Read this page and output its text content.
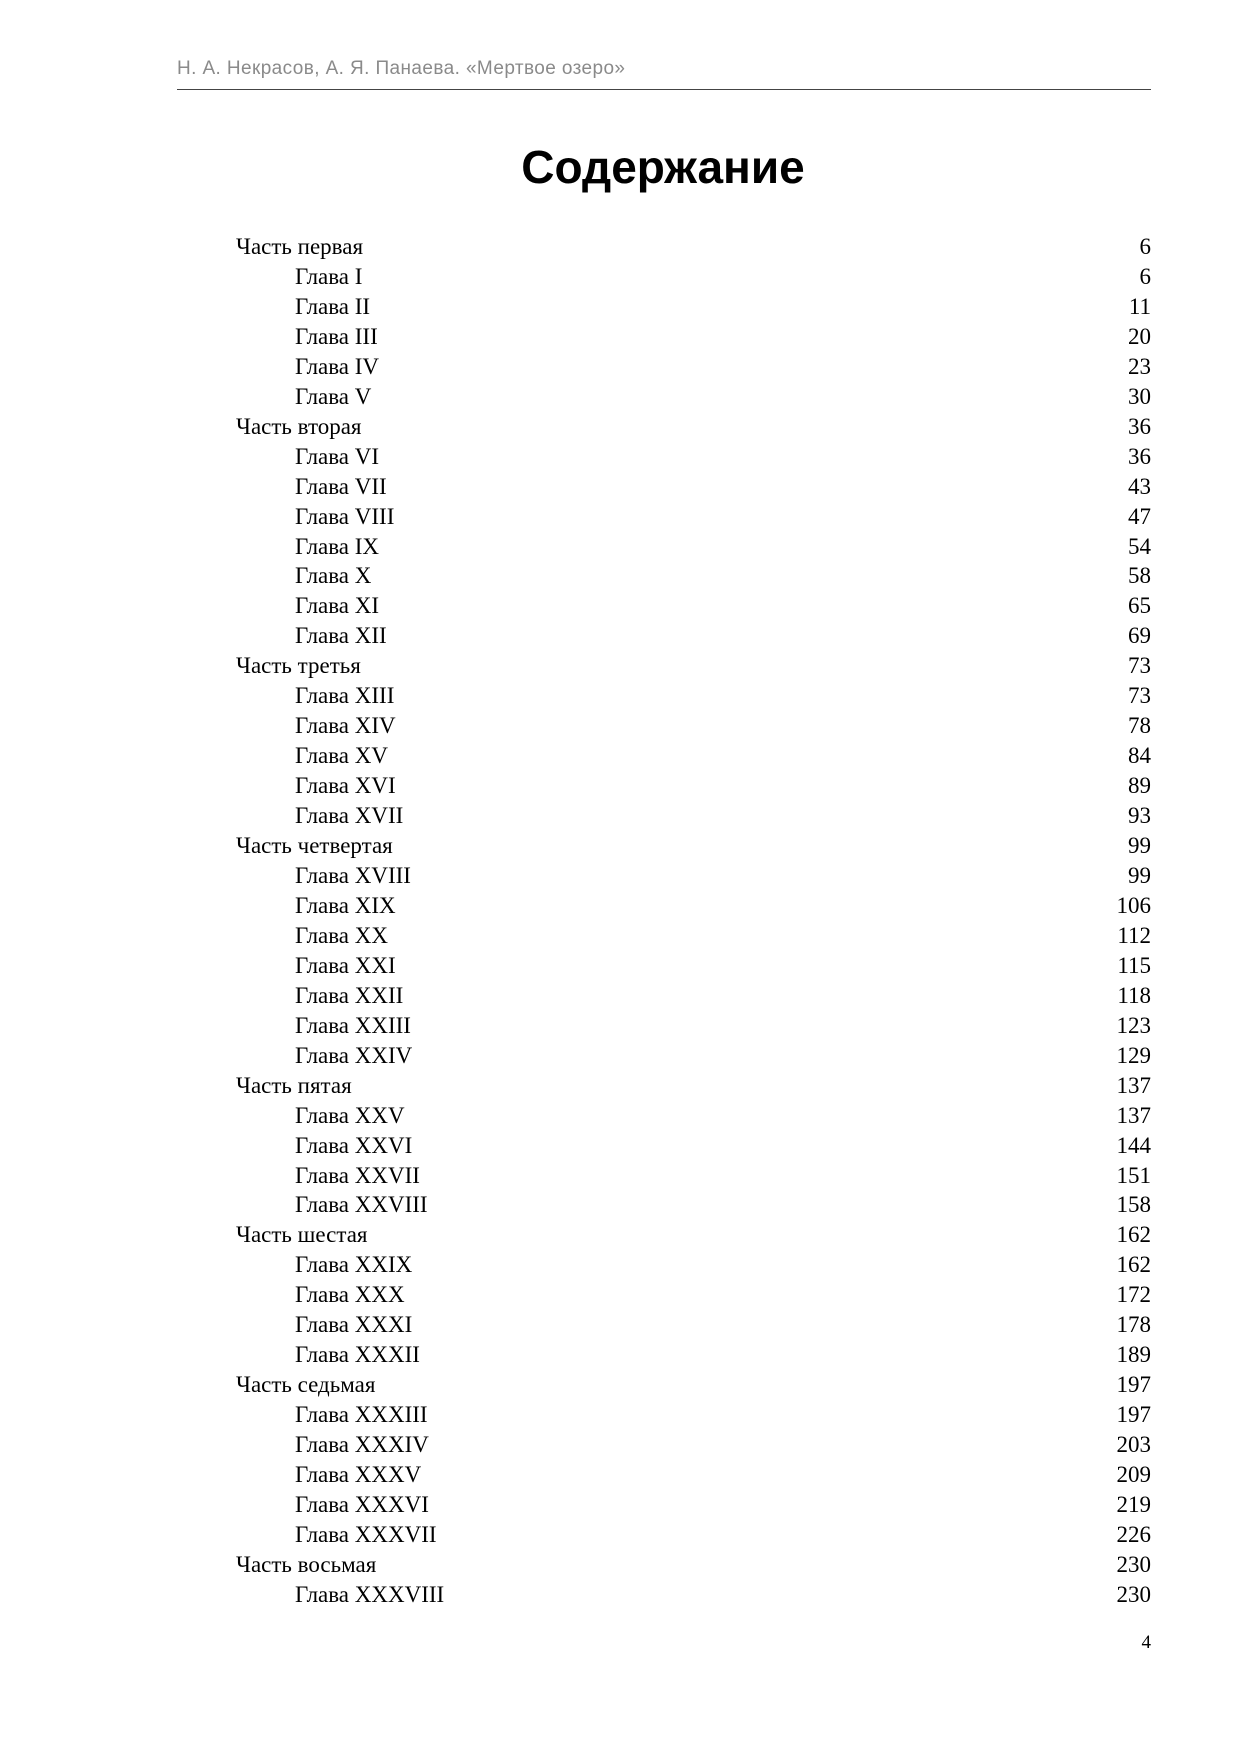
Н. А. Некрасов, А. Я. Панаева. «Мертвое озеро»
Содержание
Часть первая	6
Глава I	6
Глава II	11
Глава III	20
Глава IV	23
Глава V	30
Часть вторая	36
Глава VI	36
Глава VII	43
Глава VIII	47
Глава IX	54
Глава X	58
Глава XI	65
Глава XII	69
Часть третья	73
Глава XIII	73
Глава XIV	78
Глава XV	84
Глава XVI	89
Глава XVII	93
Часть четвертая	99
Глава XVIII	99
Глава XIX	106
Глава XX	112
Глава XXI	115
Глава XXII	118
Глава XXIII	123
Глава XXIV	129
Часть пятая	137
Глава XXV	137
Глава XXVI	144
Глава XXVII	151
Глава XXVIII	158
Часть шестая	162
Глава XXIX	162
Глава XXX	172
Глава XXXI	178
Глава XXXII	189
Часть седьмая	197
Глава XXXIII	197
Глава XXXIV	203
Глава XXXV	209
Глава XXXVI	219
Глава XXXVII	226
Часть восьмая	230
Глава XXXVIII	230
4
